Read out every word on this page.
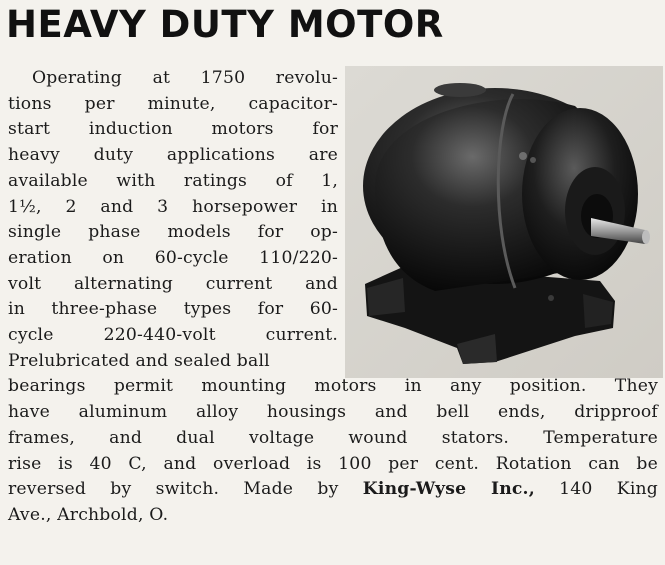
HEAVY DUTY MOTOR
Operating at 1750 revolu-
tions per minute, capacitor-
start induction motors for
heavy duty applications are
available with ratings of 1,
1½, 2 and 3 horsepower in
single phase models for op-
eration on 60-cycle 110/220-
volt alternating current and
in three-phase types for 60-
cycle 220-440-volt current.
Prelubricated and sealed ball
bearings permit mounting motors in any position. They
have aluminum alloy housings and bell ends, dripproof
frames, and dual voltage wound stators. Temperature
rise is 40 C, and overload is 100 per cent. Rotation can be
reversed by switch. Made by King-Wyse Inc., 140 King
Ave., Archbold, O.
